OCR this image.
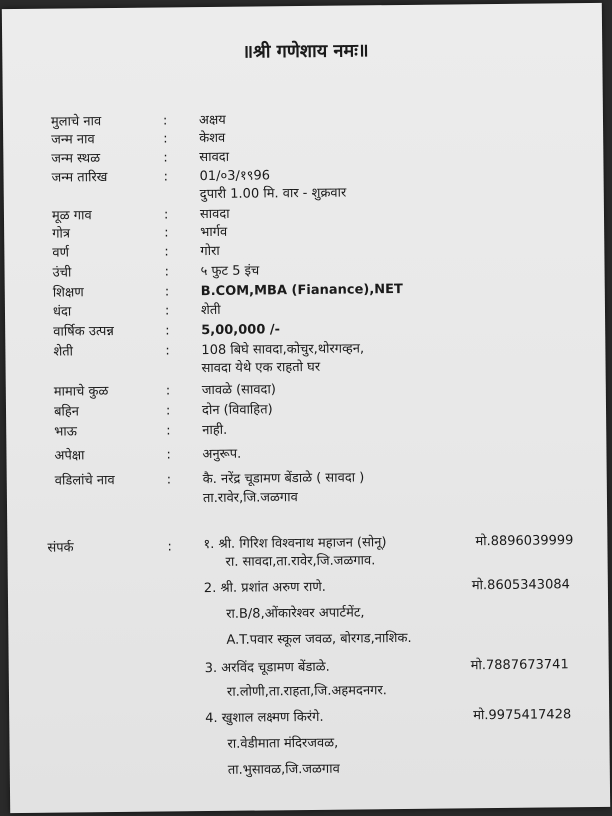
॥श्री गणेशाय नमः॥
मुलाचे नाव	: अक्षय
जन्म नाव	: केशव
जन्म स्थळ	: सावदा
जन्म तारिख	: 01/०3/१९96
दुपारी 1.00 मि. वार - शुक्रवार
मूळ गाव	: सावदा
गोत्र	: भार्गव
वर्ण	: गोरा
उंची	: ५ फुट 5 इंच
शिक्षण	: B.COM,MBA (Fianance),NET
धंदा	: शेती
वार्षिक उत्पन्न	: 5,00,000 /-
शेती	: 108 बिघे सावदा,कोचुर,थोरगव्हन,
सावदा येथे एक राहतो घर
मामाचे कुळ	: जावळे (सावदा)
बहिन	: दोन (विवाहित)
भाऊ	: नाही.
अपेक्षा	: अनुरूप.
वडिलांचे नाव	: कै. नरेंद्र चूडामण बेंडाळे ( सावदा )
ता.रावेर,जि.जळगाव
संपर्क	: १. श्री. गिरिश विश्वनाथ महाजन (सोनू)	मो.8896039999
रा. सावदा,ता.रावेर,जि.जळगाव.
2. श्री. प्रशांत अरुण राणे.	मो.8605343084
रा.B/8,ओंकारेश्वर अपार्टमेंट,
A.T.पवार स्कूल जवळ, बोरगड,नाशिक.
3. अरविंद चूडामण बेंडाळे.	मो.7887673741
रा.लोणी,ता.राहता,जि.अहमदनगर.
4. खुशाल लक्ष्मण किरंगे.	मो.9975417428
रा.वेडीमाता मंदिरजवळ,
ता.भुसावळ,जि.जळगाव
